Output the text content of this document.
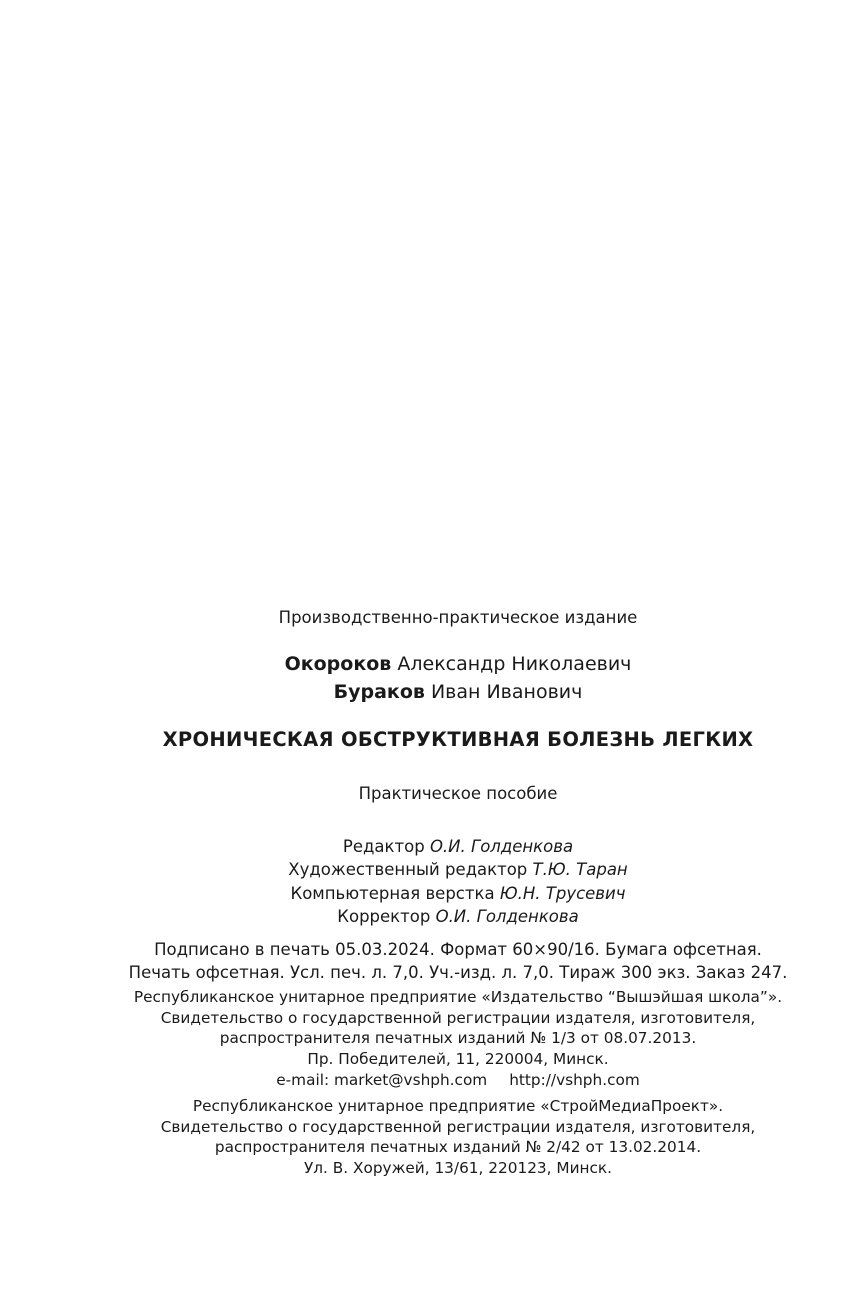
Производственно-практическое издание
Окороков Александр Николаевич
Бураков Иван Иванович
ХРОНИЧЕСКАЯ ОБСТРУКТИВНАЯ БОЛЕЗНЬ ЛЕГКИХ
Практическое пособие
Редактор О.И. Голденкова
Художественный редактор Т.Ю. Таран
Компьютерная верстка Ю.Н. Трусевич
Корректор О.И. Голденкова
Подписано в печать 05.03.2024. Формат 60×90/16. Бумага офсетная.
Печать офсетная. Усл. печ. л. 7,0. Уч.-изд. л. 7,0. Тираж 300 экз. Заказ 247.
Республиканское унитарное предприятие «Издательство “Вышэйшая школа”».
Свидетельство о государственной регистрации издателя, изготовителя,
распространителя печатных изданий № 1/3 от 08.07.2013.
Пр. Победителей, 11, 220004, Минск.
e-mail: market@vshph.com http://vshph.com
Республиканское унитарное предприятие «СтройМедиаПроект».
Свидетельство о государственной регистрации издателя, изготовителя,
распространителя печатных изданий № 2/42 от 13.02.2014.
Ул. В. Хоружей, 13/61, 220123, Минск.
